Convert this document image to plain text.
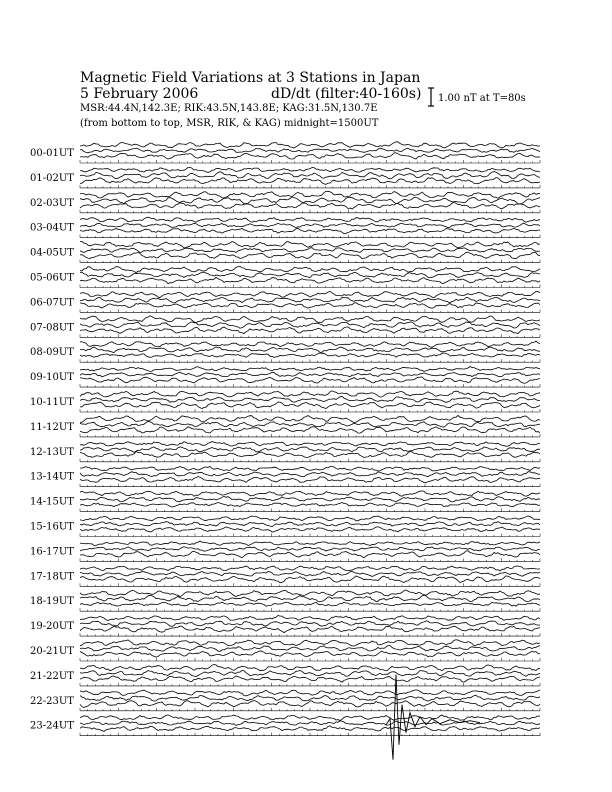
Magnetic Field Variations at 3 Stations in Japan
5 February 2006	dD/dt (filter:40-160s)
MSR:44.4N,142.3E; RIK:43.5N,143.8E; KAG:31.5N,130.7E
(from bottom to top, MSR, RIK, & KAG) midnight=1500UT
1.00 nT at T=80s
00-01UT
01-02UT
02-03UT
03-04UT
04-05UT
05-06UT
06-07UT
07-08UT
08-09UT
09-10UT
10-11UT
11-12UT
12-13UT
13-14UT
14-15UT
15-16UT
16-17UT
17-18UT
18-19UT
19-20UT
20-21UT
21-22UT
22-23UT
23-24UT
